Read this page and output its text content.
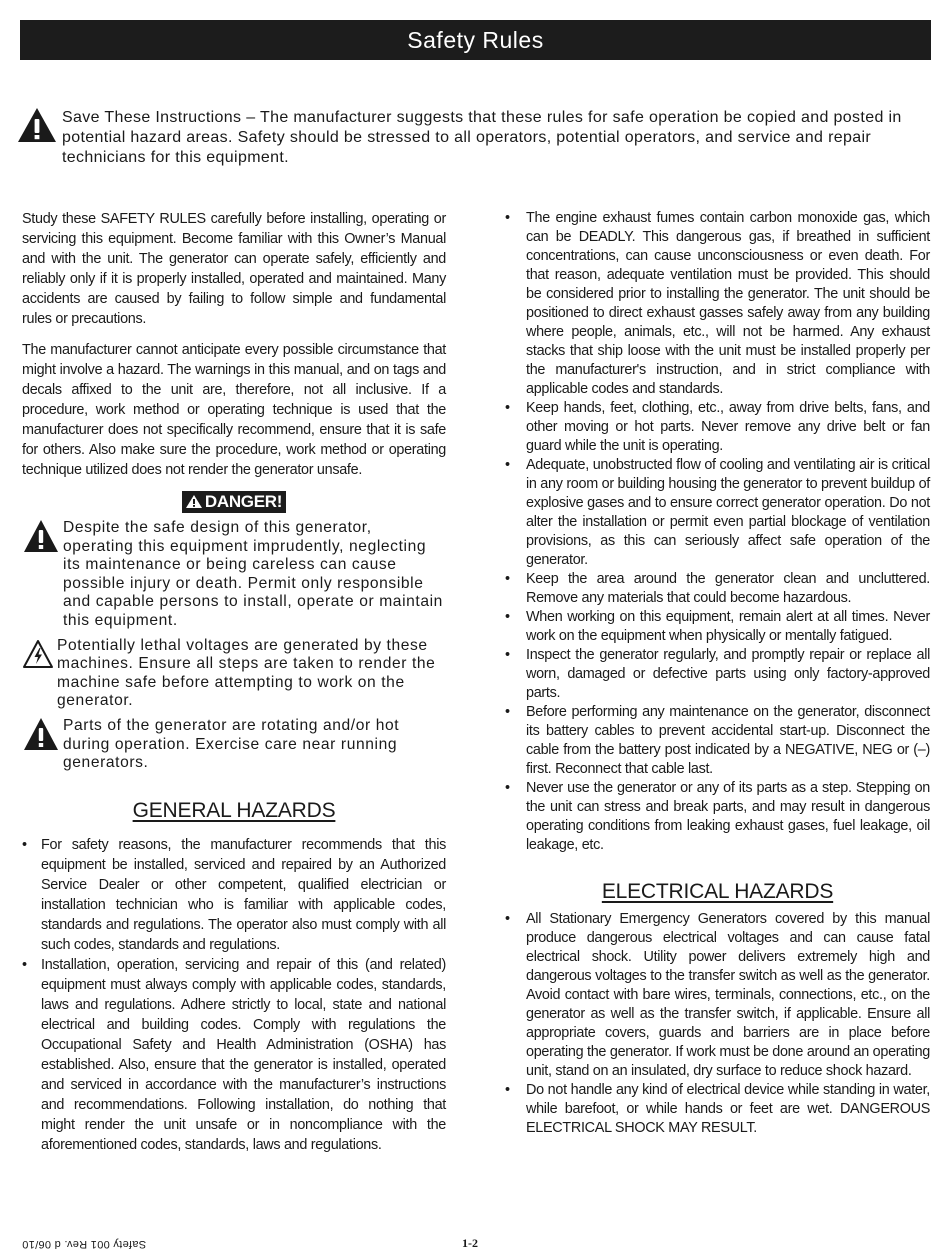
Safety Rules
Save These Instructions – The manufacturer suggests that these rules for safe operation be copied and posted in potential hazard areas. Safety should be stressed to all operators, potential operators, and service and repair technicians for this equipment.

Study these SAFETY RULES carefully before installing, operating or servicing this equipment. Become familiar with this Owner’s Manual and with the unit. The generator can operate safely, efficiently and reliably only if it is properly installed, operated and maintained. Many accidents are caused by failing to follow simple and fundamental rules or precautions.

The manufacturer cannot anticipate every possible circumstance that might involve a hazard. The warnings in this manual, and on tags and decals affixed to the unit are, therefore, not all inclusive. If a procedure, work method or operating technique is used that the manufacturer does not specifically recommend, ensure that it is safe for others. Also make sure the procedure, work method or operating technique utilized does not render the generator unsafe.

DANGER!
Despite the safe design of this generator, operating this equipment imprudently, neglecting its maintenance or being careless can cause possible injury or death. Permit only responsible and capable persons to install, operate or maintain this equipment.
Potentially lethal voltages are generated by these machines. Ensure all steps are taken to render the machine safe before attempting to work on the generator.
Parts of the generator are rotating and/or hot during operation. Exercise care near running generators.
GENERAL HAZARDS
• For safety reasons, the manufacturer recommends that this equipment be installed, serviced and repaired by an Authorized Service Dealer or other competent, qualified electrician or installation technician who is familiar with applicable codes, standards and regulations. The operator also must comply with all such codes, standards and regulations.
• Installation, operation, servicing and repair of this (and related) equipment must always comply with applicable codes, standards, laws and regulations. Adhere strictly to local, state and national electrical and building codes. Comply with regulations the Occupational Safety and Health Administration (OSHA) has established. Also, ensure that the generator is installed, operated and serviced in accordance with the manufacturer’s instructions and recommendations. Following installation, do nothing that might render the unit unsafe or in noncompliance with the aforementioned codes, standards, laws and regulations.
• The engine exhaust fumes contain carbon monoxide gas, which can be DEADLY. This dangerous gas, if breathed in sufficient concentrations, can cause unconsciousness or even death. For that reason, adequate ventilation must be provided. This should be considered prior to installing the generator. The unit should be positioned to direct exhaust gasses safely away from any building where people, animals, etc., will not be harmed. Any exhaust stacks that ship loose with the unit must be installed properly per the manufacturer's instruction, and in strict compliance with applicable codes and standards.
• Keep hands, feet, clothing, etc., away from drive belts, fans, and other moving or hot parts. Never remove any drive belt or fan guard while the unit is operating.
• Adequate, unobstructed flow of cooling and ventilating air is critical in any room or building housing the generator to prevent buildup of explosive gases and to ensure correct generator operation. Do not alter the installation or permit even partial blockage of ventilation provisions, as this can seriously affect safe operation of the generator.
• Keep the area around the generator clean and uncluttered. Remove any materials that could become hazardous.
• When working on this equipment, remain alert at all times. Never work on the equipment when physically or mentally fatigued.
• Inspect the generator regularly, and promptly repair or replace all worn, damaged or defective parts using only factory-approved parts.
• Before performing any maintenance on the generator, disconnect its battery cables to prevent accidental start-up. Disconnect the cable from the battery post indicated by a NEGATIVE, NEG or (–) first. Reconnect that cable last.
• Never use the generator or any of its parts as a step. Stepping on the unit can stress and break parts, and may result in dangerous operating conditions from leaking exhaust gases, fuel leakage, oil leakage, etc.
ELECTRICAL HAZARDS
• All Stationary Emergency Generators covered by this manual produce dangerous electrical voltages and can cause fatal electrical shock. Utility power delivers extremely high and dangerous voltages to the transfer switch as well as the generator. Avoid contact with bare wires, terminals, connections, etc., on the generator as well as the transfer switch, if applicable. Ensure all appropriate covers, guards and barriers are in place before operating the generator. If work must be done around an operating unit, stand on an insulated, dry surface to reduce shock hazard.
• Do not handle any kind of electrical device while standing in water, while barefoot, or while hands or feet are wet. DANGEROUS ELECTRICAL SHOCK MAY RESULT.
1-2
Safety 001 Rev. d 06/10
